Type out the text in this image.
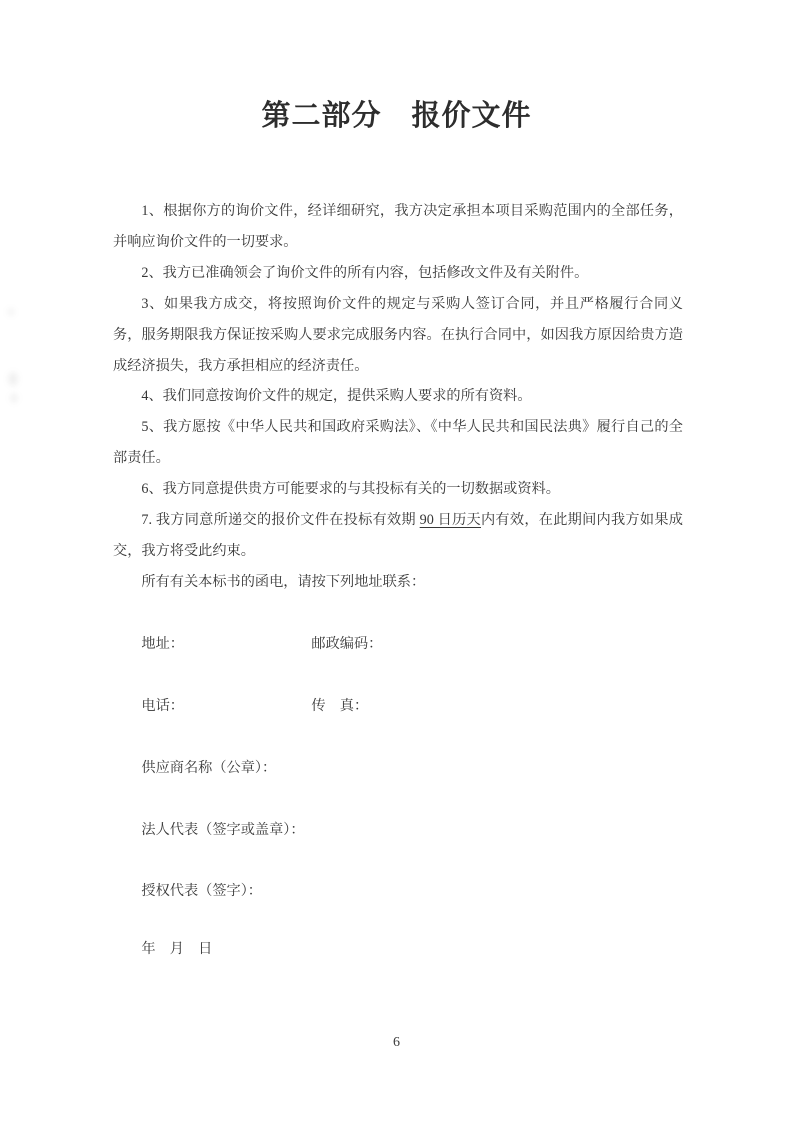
第二部分　报价文件

1、根据你方的询价文件，经详细研究，我方决定承担本项目采购范围内的全部任务，并响应询价文件的一切要求。

2、我方已准确领会了询价文件的所有内容，包括修改文件及有关附件。

3、如果我方成交，将按照询价文件的规定与采购人签订合同，并且严格履行合同义务，服务期限我方保证按采购人要求完成服务内容。在执行合同中，如因我方原因给贵方造成经济损失，我方承担相应的经济责任。

4、我们同意按询价文件的规定，提供采购人要求的所有资料。

5、我方愿按《中华人民共和国政府采购法》、《中华人民共和国民法典》履行自己的全部责任。

6、我方同意提供贵方可能要求的与其投标有关的一切数据或资料。

7. 我方同意所递交的报价文件在投标有效期 90 日历天内有效，在此期间内我方如果成交，我方将受此约束。

所有有关本标书的函电，请按下列地址联系：

地址：	邮政编码：
电话：	传　真：
供应商名称（公章）：
法人代表（签字或盖章）：
授权代表（签字）：
年　月　日
6
